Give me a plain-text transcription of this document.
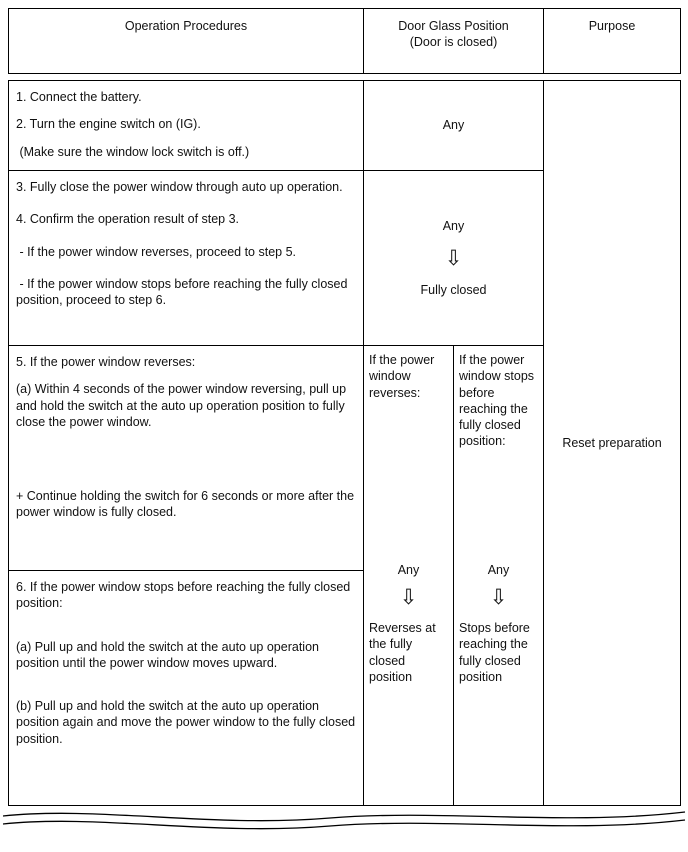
Operation Procedures	Door Glass Position
(Door is closed)
Purpose

1. Connect the battery.

2. Turn the engine switch on (IG).

(Make sure the window lock switch is off.)

3. Fully close the power window through auto up operation.

4. Confirm the operation result of step 3.

- If the power window reverses, proceed to step 5.

- If the power window stops before reaching the fully closed position, proceed to step 6.

5. If the power window reverses:

(a) Within 4 seconds of the power window reversing, pull up and hold the switch at the auto up operation position to fully close the power window.

+ Continue holding the switch for 6 seconds or more after the power window is fully closed.

6. If the power window stops before reaching the fully closed position:

(a) Pull up and hold the switch at the auto up operation position until the power window moves upward.

(b) Pull up and hold the switch at the auto up operation position again and move the power window to the fully closed position.

Any
Any
⇩
Fully closed
If the power window reverses:
Any
⇩
Reverses at the fully closed position
If the power window stops before reaching the fully closed position:
Any
⇩
Stops before reaching the fully closed position
Reset preparation
